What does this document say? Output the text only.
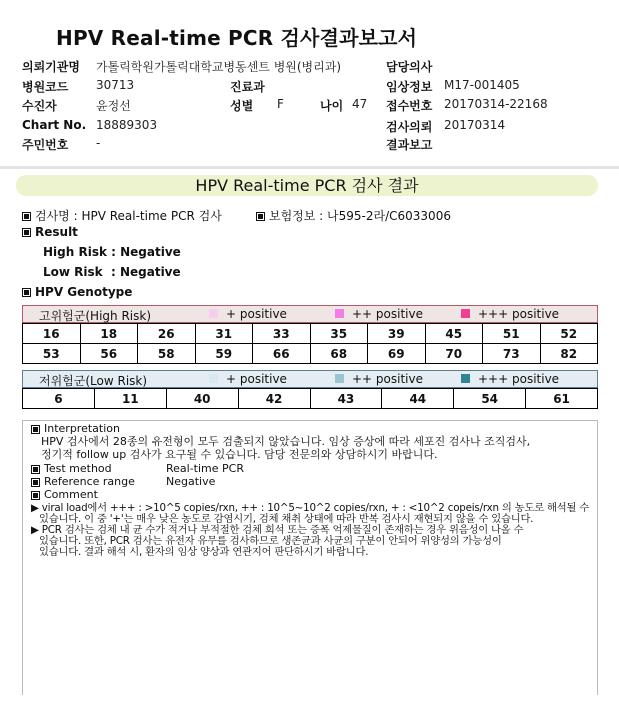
HPV Real-time PCR 검사결과보고서
의뢰기관명 가톨릭학원가톨릭대학교병동센트 병원(병리과)
병원코드 30713
수진자	윤정선
Chart No. 18889303
주민번호 -
진료과
성별 F	나이 47
담당의사
임상정보 M17-001405
접수번호 20170314-22168
검사의뢰 20170314
결과보고
HPV Real-time PCR 검사 결과
검사명 : HPV Real-time PCR 검사	보험정보 : 나595-2라/C6033006
Result
High Risk : Negative
Low Risk  : Negative
HPV Genotype
고위험군(High Risk)	+ positive	++ positive	+++ positive
16	18	26	31	33	35	39	45	51	52
53	56	58	59	66	68	69	70	73	82
저위험군(Low Risk)	+ positive	++ positive	+++ positive
6	11	40	42	43	44	54	61
Interpretation
HPV 검사에서 28종의 유전형이 모두 검출되지 않았습니다. 임상 증상에 따라 세포진 검사나 조직검사,
정기적 follow up 검사가 요구될 수 있습니다. 담당 전문의와 상담하시기 바랍니다.
Test method	Real-time PCR
Reference range	Negative
Comment
▶ viral load에서 +++ : >10^5 copies/rxn, ++ : 10^5~10^2 copies/rxn, + : <10^2 copeis/rxn 의 농도로 해석될 수
있습니다. 이 중 '+'는 매우 낮은 농도로 감염시기, 검체 채취 상태에 따라 반복 검사시 재현되지 않을 수 있습니다.
▶ PCR 검사는 검체 내 균 수가 적거나 부적절한 검체 희석 또는 증폭 억제물질이 존재하는 경우 위음성이 나올 수
있습니다. 또한, PCR 검사는 유전자 유무를 검사하므로 생존균과 사균의 구분이 안되어 위양성의 가능성이
있습니다. 결과 해석 시, 환자의 임상 양상과 연관지어 판단하시기 바랍니다.
